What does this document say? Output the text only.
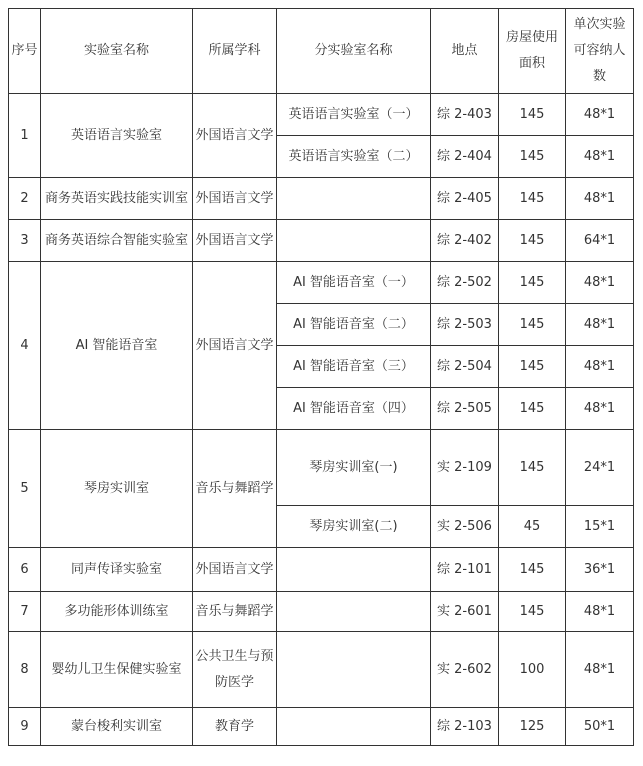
序号	实验室名称	所属学科	分实验室名称	地点	房屋使用面积	单次实验可容纳人数
1	英语语言实验室	外国语言文学	英语语言实验室（一）	综 2-403	145	48*1
			英语语言实验室（二）	综 2-404	145	48*1
2	商务英语实践技能实训室	外国语言文学		综 2-405	145	48*1
3	商务英语综合智能实验室	外国语言文学		综 2-402	145	64*1
4	AI 智能语音室	外国语言文学	AI 智能语音室（一）	综 2-502	145	48*1
			AI 智能语音室（二）	综 2-503	145	48*1
			AI 智能语音室（三）	综 2-504	145	48*1
			AI 智能语音室（四）	综 2-505	145	48*1
5	琴房实训室	音乐与舞蹈学	琴房实训室(一)	实 2-109	145	24*1
			琴房实训室(二)	实 2-506	45	15*1
6	同声传译实验室	外国语言文学		综 2-101	145	36*1
7	多功能形体训练室	音乐与舞蹈学		实 2-601	145	48*1
8	婴幼儿卫生保健实验室	公共卫生与预防医学		实 2-602	100	48*1
9	蒙台梭利实训室	教育学		综 2-103	125	50*1
